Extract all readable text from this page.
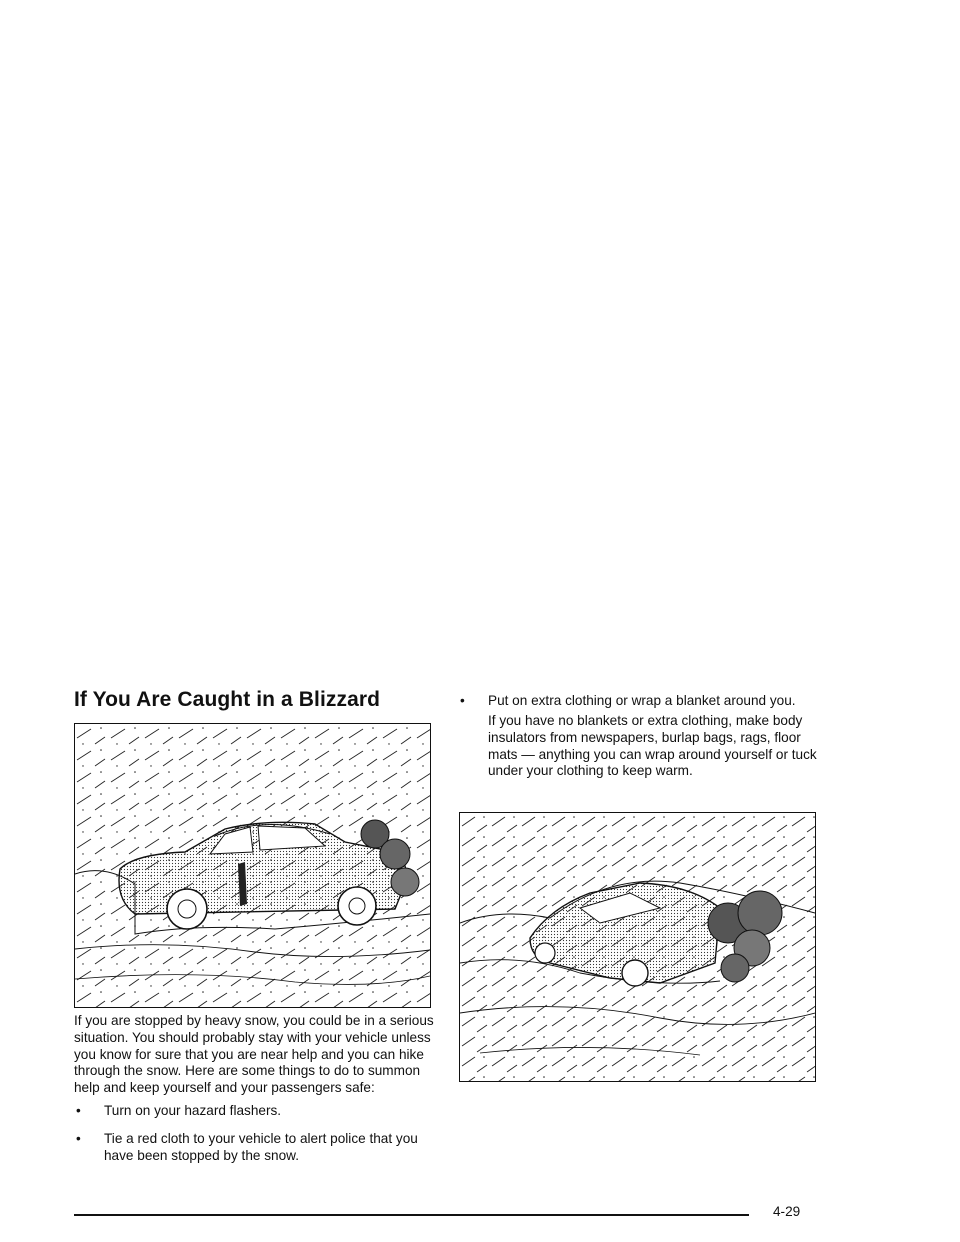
If You Are Caught in a Blizzard

If you are stopped by heavy snow, you could be in a serious situation. You should probably stay with your vehicle unless you know for sure that you are near help and you can hike through the snow. Here are some things to do to summon help and keep yourself and your passengers safe:

•	Turn on your hazard flashers.
•	Tie a red cloth to your vehicle to alert police that you have been stopped by the snow.
•	Put on extra clothing or wrap a blanket around you.
If you have no blankets or extra clothing, make body insulators from newspapers, burlap bags, rags, floor mats — anything you can wrap around yourself or tuck under your clothing to keep warm.
4-29
